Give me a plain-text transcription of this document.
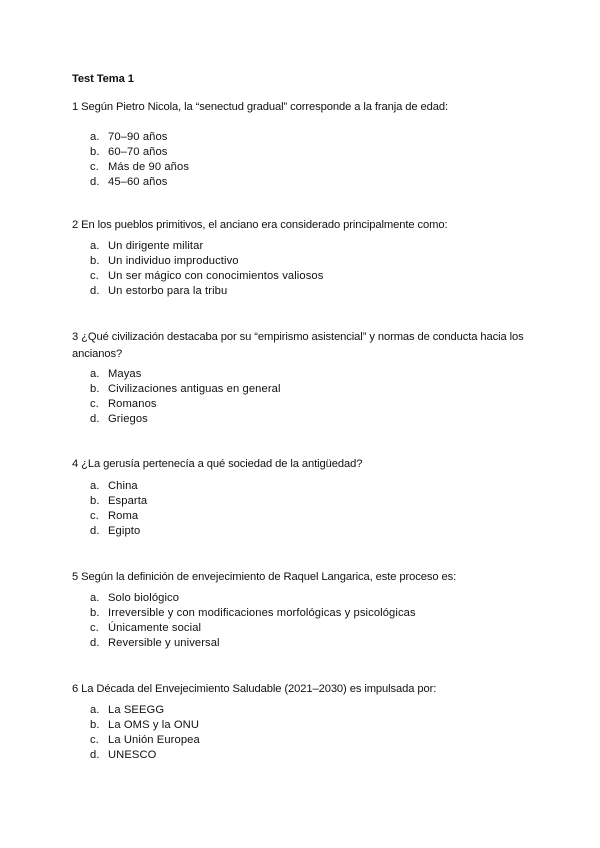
Test Tema 1
1 Según Pietro Nicola, la “senectud gradual” corresponde a la franja de edad:
a. 70–90 años
b. 60–70 años
c. Más de 90 años
d. 45–60 años
2 En los pueblos primitivos, el anciano era considerado principalmente como:
a. Un dirigente militar
b. Un individuo improductivo
c. Un ser mágico con conocimientos valiosos
d. Un estorbo para la tribu
3 ¿Qué civilización destacaba por su “empirismo asistencial” y normas de conducta hacia los ancianos?
a. Mayas
b. Civilizaciones antiguas en general
c. Romanos
d. Griegos
4 ¿La gerusía pertenecía a qué sociedad de la antigüedad?
a. China
b. Esparta
c. Roma
d. Egipto
5 Según la definición de envejecimiento de Raquel Langarica, este proceso es:
a. Solo biológico
b. Irreversible y con modificaciones morfológicas y psicológicas
c. Únicamente social
d. Reversible y universal
6 La Década del Envejecimiento Saludable (2021–2030) es impulsada por:
a. La SEEGG
b. La OMS y la ONU
c. La Unión Europea
d. UNESCO
